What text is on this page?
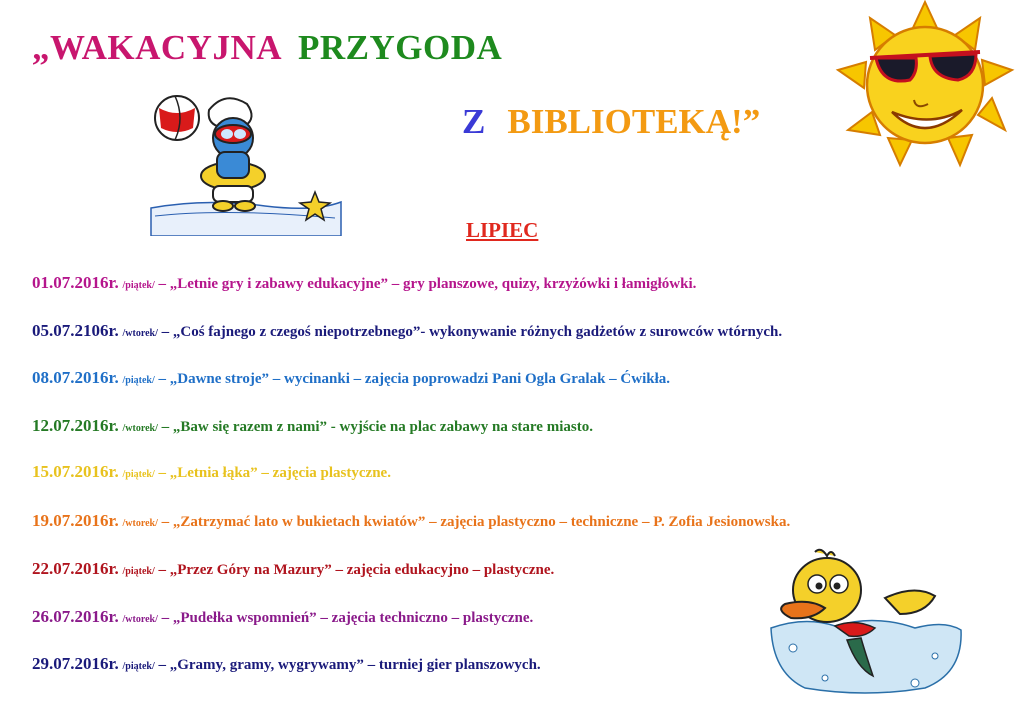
„WAKACYJNA PRZYGODA
Z BIBLIOTEKĄ!”
LIPIEC
01.07.2016r. /piątek/ – „Letnie gry i zabawy edukacyjne” – gry planszowe, quizy, krzyżówki i łamigłówki.
05.07.2106r. /wtorek/ – „Coś fajnego z czegoś niepotrzebnego”- wykonywanie różnych gadżetów z surowców wtórnych.
08.07.2016r. /piątek/ – „Dawne stroje” – wycinanki – zajęcia poprowadzi Pani Ogla Gralak – Ćwikła.
12.07.2016r. /wtorek/ – „Baw się razem z nami” - wyjście na plac zabawy na stare miasto.
15.07.2016r. /piątek/ – „Letnia łąka” – zajęcia plastyczne.
19.07.2016r. /wtorek/ – „Zatrzymać lato w bukietach kwiatów” – zajęcia plastyczno – techniczne – P. Zofia Jesionowska.
22.07.2016r. /piątek/ – „Przez Góry na Mazury” – zajęcia edukacyjno – plastyczne.
26.07.2016r. /wtorek/ – „Pudełka wspomnień” – zajęcia techniczno – plastyczne.
29.07.2016r. /piątek/ – „Gramy, gramy, wygrywamy” – turniej gier planszowych.
